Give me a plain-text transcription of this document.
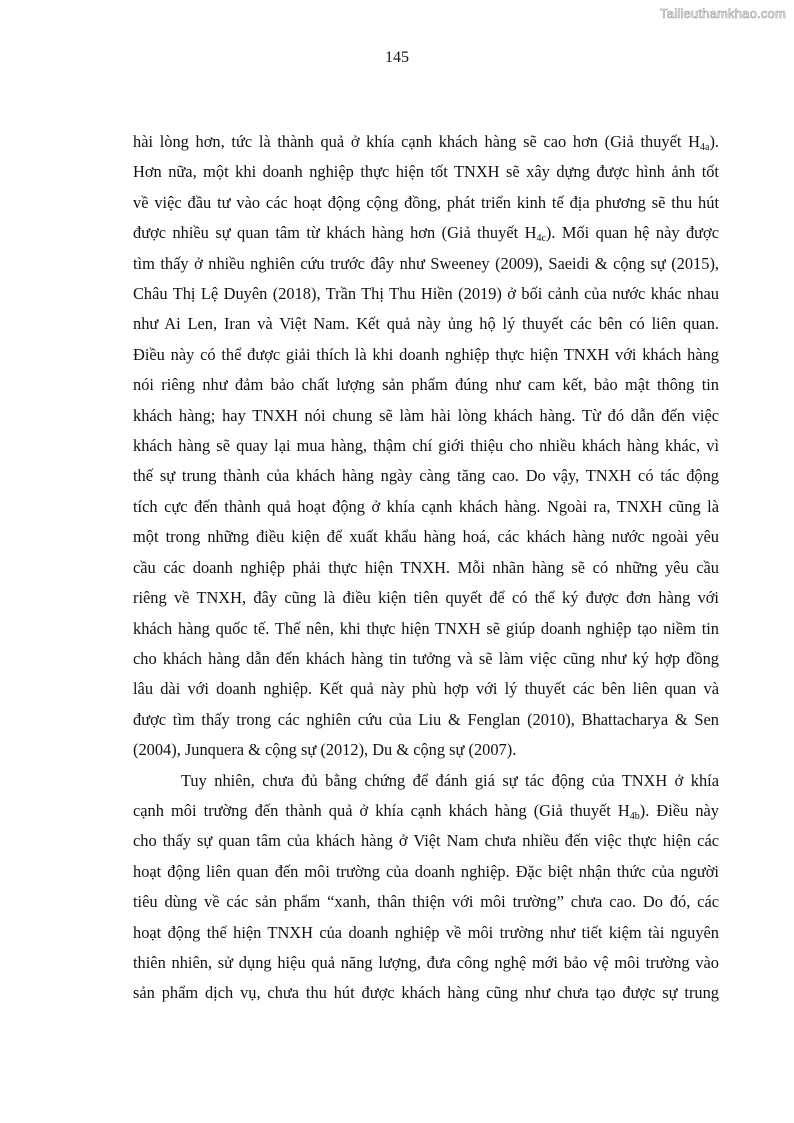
Tailieuthamkhao.com
145

hài lòng hơn, tức là thành quả ở khía cạnh khách hàng sẽ cao hơn (Giả thuyết $H_{4a}$).
Hơn nữa, một khi doanh nghiệp thực hiện tốt TNXH sẽ xây dựng được hình ảnh tốt
về việc đầu tư vào các hoạt động cộng đồng, phát triển kinh tế địa phương sẽ thu hút
được nhiều sự quan tâm từ khách hàng hơn (Giả thuyết $H_{4c}$). Mối quan hệ này được
tìm thấy ở nhiều nghiên cứu trước đây như Sweeney (2009), Saeidi & cộng sự (2015),
Châu Thị Lệ Duyên (2018), Trần Thị Thu Hiền (2019) ở bối cảnh của nước khác nhau
như Ai Len, Iran và Việt Nam. Kết quả này ủng hộ lý thuyết các bên có liên quan.
Điều này có thể được giải thích là khi doanh nghiệp thực hiện TNXH với khách hàng
nói riêng như đảm bảo chất lượng sản phẩm đúng như cam kết, bảo mật thông tin
khách hàng; hay TNXH nói chung sẽ làm hài lòng khách hàng. Từ đó dẫn đến việc
khách hàng sẽ quay lại mua hàng, thậm chí giới thiệu cho nhiều khách hàng khác, vì
thế sự trung thành của khách hàng ngày càng tăng cao. Do vậy, TNXH có tác động
tích cực đến thành quả hoạt động ở khía cạnh khách hàng. Ngoài ra, TNXH cũng là
một trong những điều kiện để xuất khẩu hàng hoá, các khách hàng nước ngoài yêu
cầu các doanh nghiệp phải thực hiện TNXH. Mỗi nhãn hàng sẽ có những yêu cầu
riêng về TNXH, đây cũng là điều kiện tiên quyết để có thể ký được đơn hàng với
khách hàng quốc tế. Thế nên, khi thực hiện TNXH sẽ giúp doanh nghiệp tạo niềm tin
cho khách hàng dẫn đến khách hàng tin tưởng và sẽ làm việc cũng như ký hợp đồng
lâu dài với doanh nghiệp. Kết quả này phù hợp với lý thuyết các bên liên quan và
được tìm thấy trong các nghiên cứu của Liu & Fenglan (2010), Bhattacharya & Sen
(2004), Junquera & cộng sự (2012), Du & cộng sự (2007).

Tuy nhiên, chưa đủ bằng chứng để đánh giá sự tác động của TNXH ở khía
cạnh môi trường đến thành quả ở khía cạnh khách hàng (Giả thuyết $H_{4b}$). Điều này
cho thấy sự quan tâm của khách hàng ở Việt Nam chưa nhiều đến việc thực hiện các
hoạt động liên quan đến môi trường của doanh nghiệp. Đặc biệt nhận thức của người
tiêu dùng về các sản phẩm “xanh, thân thiện với môi trường” chưa cao. Do đó, các
hoạt động thể hiện TNXH của doanh nghiệp về môi trường như tiết kiệm tài nguyên
thiên nhiên, sử dụng hiệu quả năng lượng, đưa công nghệ mới bảo vệ môi trường vào
sản phẩm dịch vụ, chưa thu hút được khách hàng cũng như chưa tạo được sự trung
